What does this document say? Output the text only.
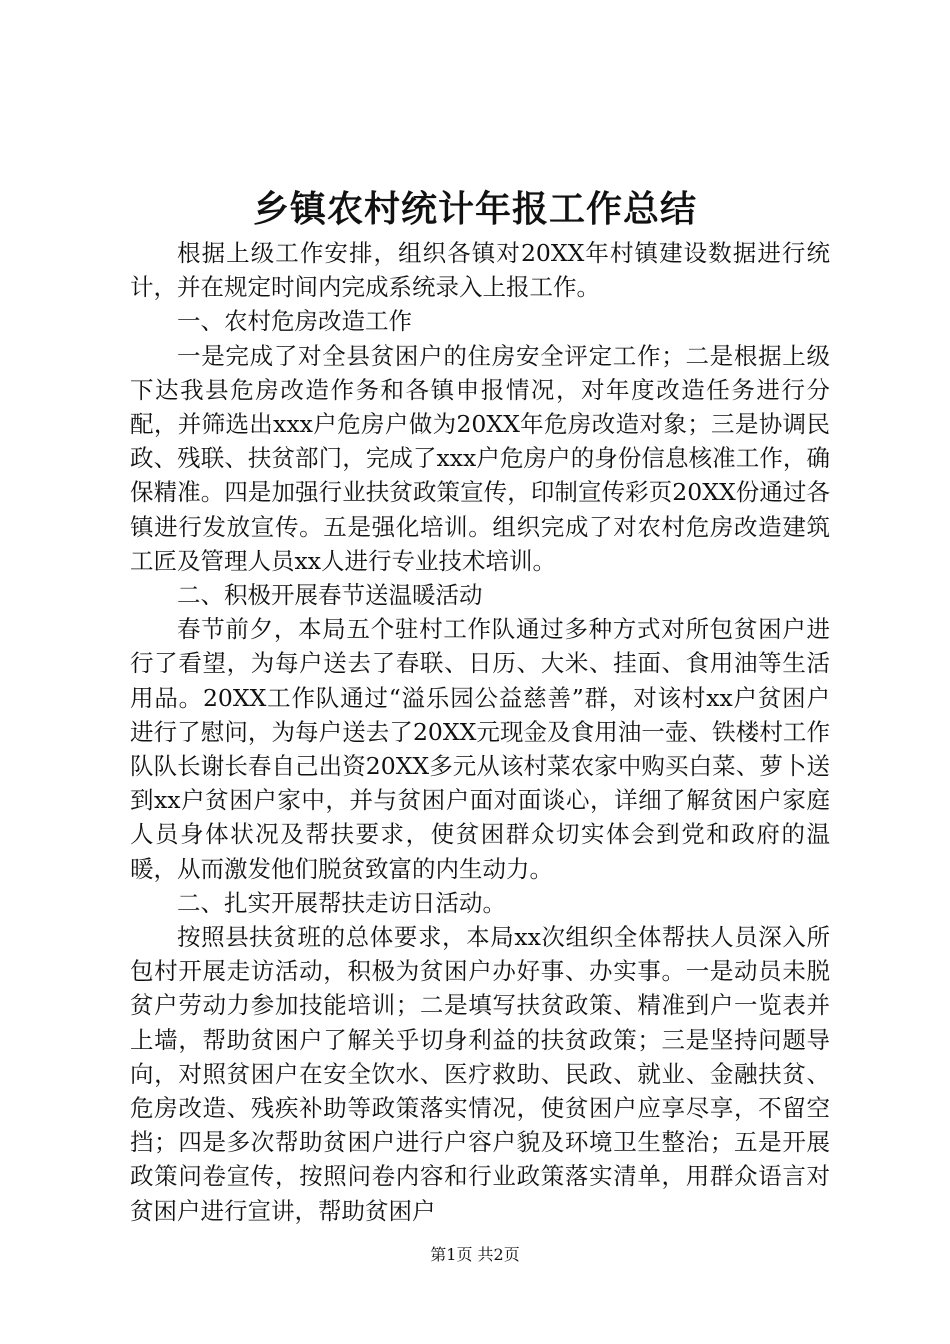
乡镇农村统计年报工作总结

根据上级工作安排，组织各镇对20XX年村镇建设数据进行统计，并在规定时间内完成系统录入上报工作。

一、农村危房改造工作

一是完成了对全县贫困户的住房安全评定工作；二是根据上级下达我县危房改造作务和各镇申报情况，对年度改造任务进行分配，并筛选出xxx户危房户做为20XX年危房改造对象；三是协调民政、残联、扶贫部门，完成了xxx户危房户的身份信息核准工作，确保精准。四是加强行业扶贫政策宣传，印制宣传彩页20XX份通过各镇进行发放宣传。五是强化培训。组织完成了对农村危房改造建筑工匠及管理人员xx人进行专业技术培训。

二、积极开展春节送温暖活动

春节前夕，本局五个驻村工作队通过多种方式对所包贫困户进行了看望，为每户送去了春联、日历、大米、挂面、食用油等生活用品。20XX工作队通过“溢乐园公益慈善”群，对该村xx户贫困户进行了慰问，为每户送去了20XX元现金及食用油一壶、铁楼村工作队队长谢长春自己出资20XX多元从该村菜农家中购买白菜、萝卜送到xx户贫困户家中，并与贫困户面对面谈心，详细了解贫困户家庭人员身体状况及帮扶要求，使贫困群众切实体会到党和政府的温暖，从而激发他们脱贫致富的内生动力。

二、扎实开展帮扶走访日活动。

按照县扶贫班的总体要求，本局xx次组织全体帮扶人员深入所包村开展走访活动，积极为贫困户办好事、办实事。一是动员未脱贫户劳动力参加技能培训；二是填写扶贫政策、精准到户一览表并上墙，帮助贫困户了解关乎切身利益的扶贫政策；三是坚持问题导向，对照贫困户在安全饮水、医疗救助、民政、就业、金融扶贫、危房改造、残疾补助等政策落实情况，使贫困户应享尽享，不留空挡；四是多次帮助贫困户进行户容户貌及环境卫生整治；五是开展政策问卷宣传，按照问卷内容和行业政策落实清单，用群众语言对贫困户进行宣讲，帮助贫困户

第1页 共2页
